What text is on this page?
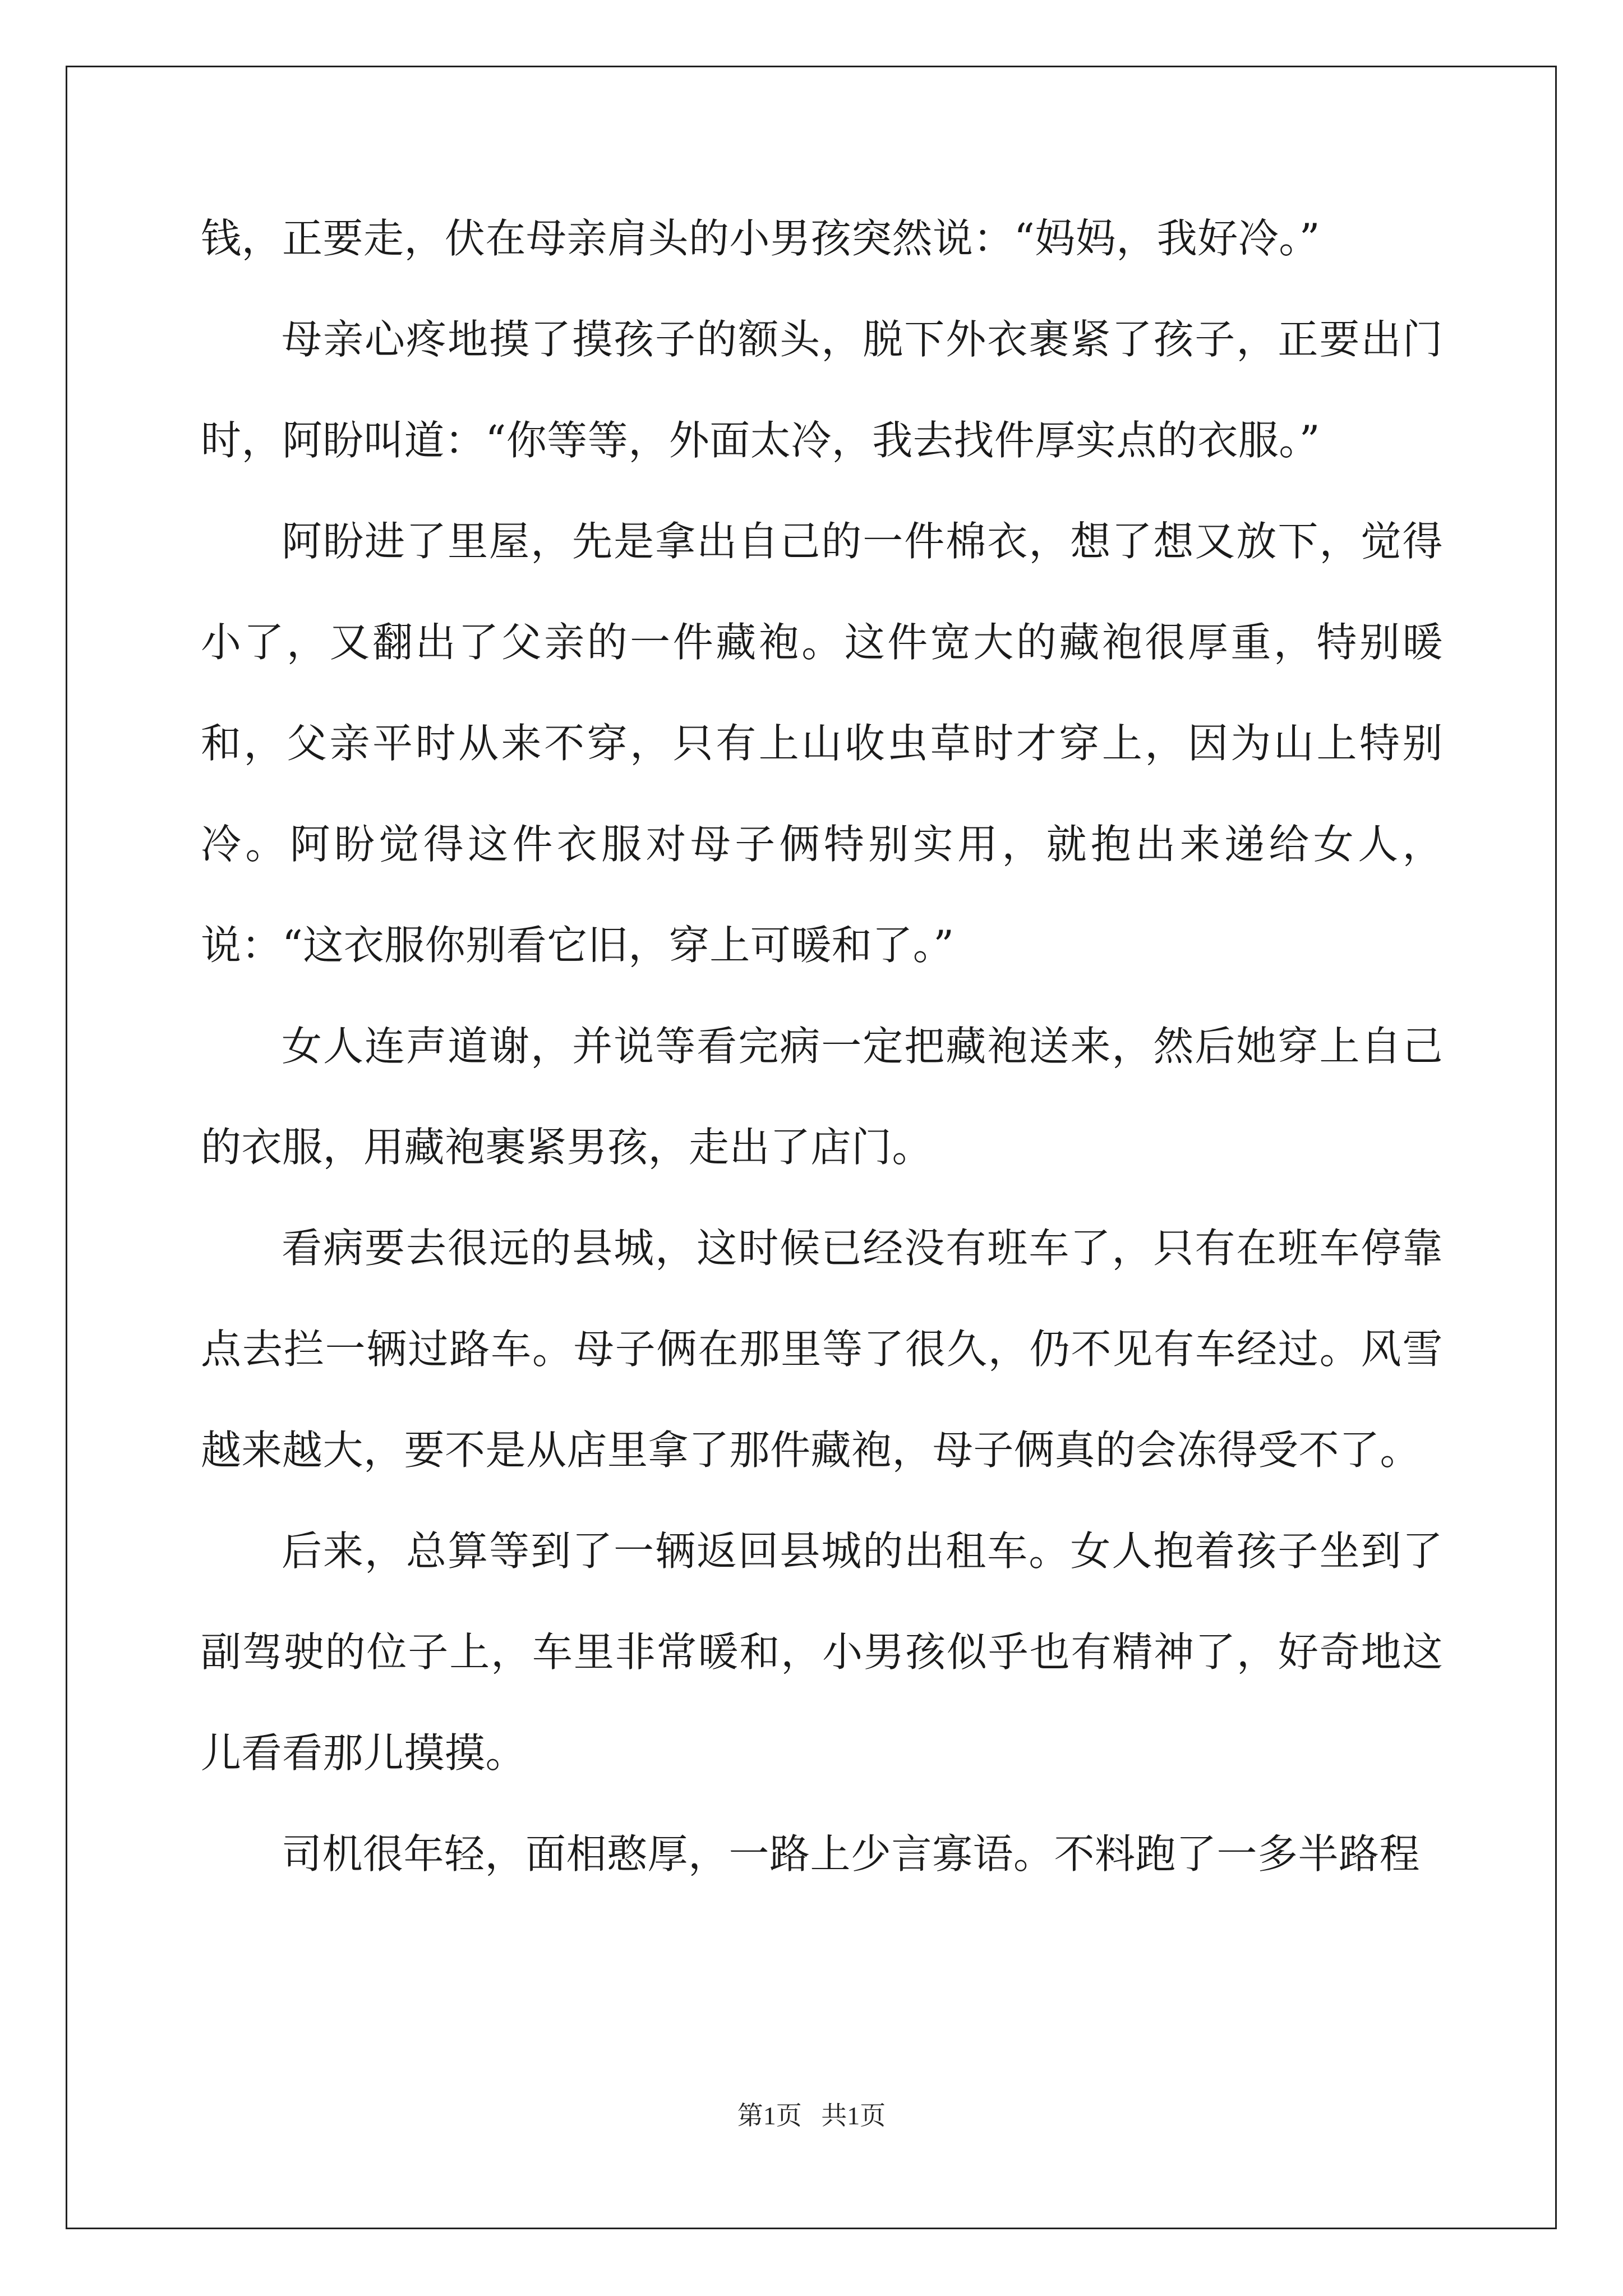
钱，正要走，伏在母亲肩头的小男孩突然说：“妈妈，我好冷。”

母亲心疼地摸了摸孩子的额头，脱下外衣裹紧了孩子，正要出门时，阿盼叫道：“你等等，外面太冷，我去找件厚实点的衣服。”

阿盼进了里屋，先是拿出自己的一件棉衣，想了想又放下，觉得小了，又翻出了父亲的一件藏袍。这件宽大的藏袍很厚重，特别暖和，父亲平时从来不穿，只有上山收虫草时才穿上，因为山上特别冷。阿盼觉得这件衣服对母子俩特别实用，就抱出来递给女人，说：“这衣服你别看它旧，穿上可暖和了。”

女人连声道谢，并说等看完病一定把藏袍送来，然后她穿上自己的衣服，用藏袍裹紧男孩，走出了店门。

看病要去很远的县城，这时候已经没有班车了，只有在班车停靠点去拦一辆过路车。母子俩在那里等了很久，仍不见有车经过。风雪越来越大，要不是从店里拿了那件藏袍，母子俩真的会冻得受不了。

后来，总算等到了一辆返回县城的出租车。女人抱着孩子坐到了副驾驶的位子上，车里非常暖和，小男孩似乎也有精神了，好奇地这儿看看那儿摸摸。

司机很年轻，面相憨厚，一路上少言寡语。不料跑了一多半路程

第1页   共1页
